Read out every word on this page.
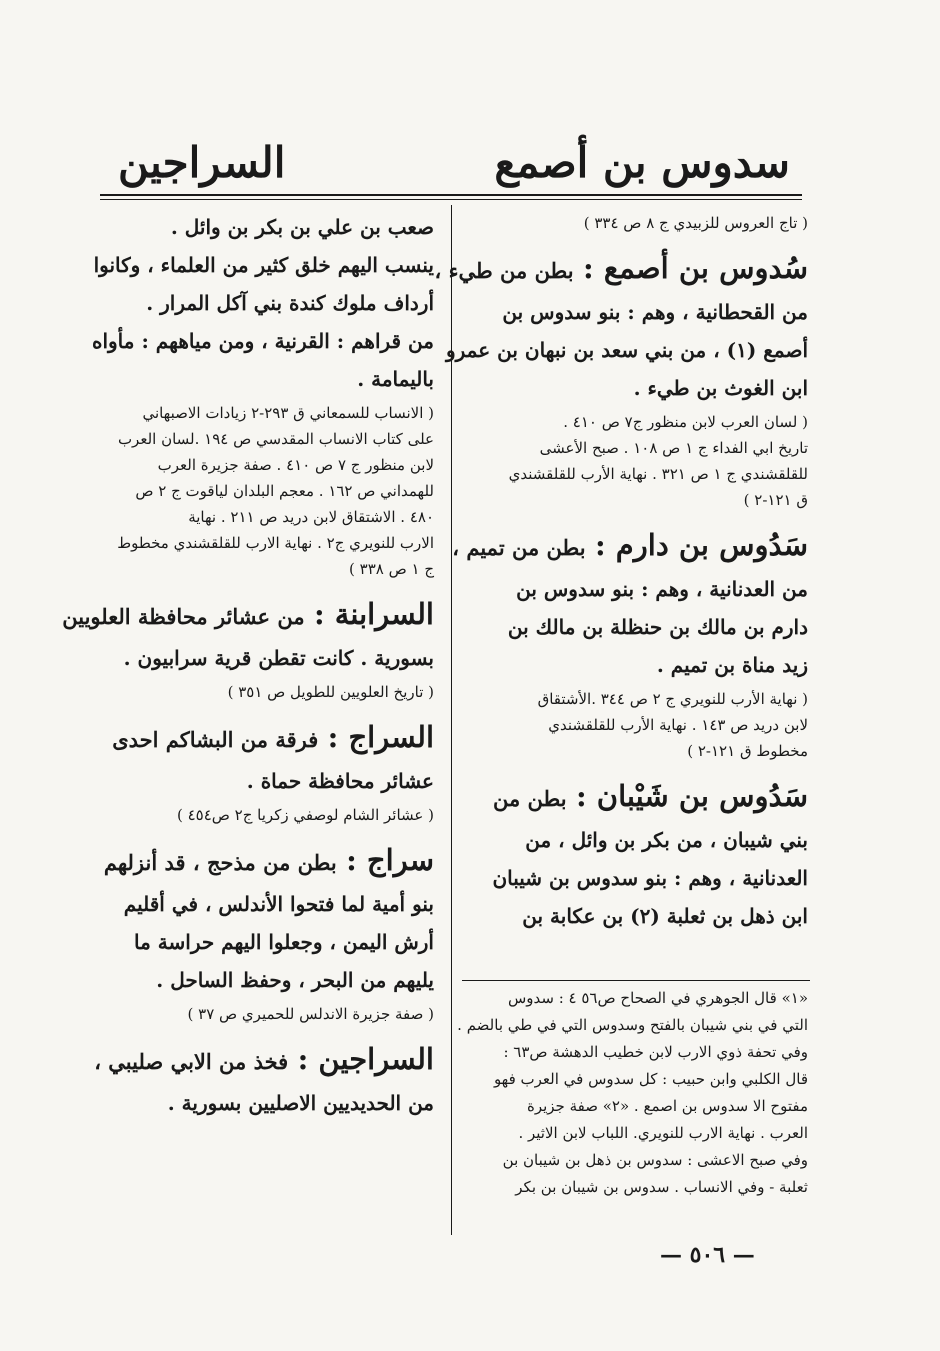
سدوس بن أصمع
السراجين
( تاج العروس للزبيدي ج ٨ ص ٣٣٤ )
سُدوس بن أصمع : بطن من طيء ،
من القحطانية ، وهم : بنو سدوس بن
أصمع (١) ، من بني سعد بن نبهان بن عمرو
ابن الغوث بن طيء .
( لسان العرب لابن منظور ج٧ ص ٤١٠ .
تاريخ ابي الفداء ج ١ ص ١٠٨ . صبح الأعشى
للقلقشندي ج ١ ص ٣٢١ . نهاية الأرب للقلقشندي
ق ١٢١-٢ )
سَدُوس بن دارم : بطن من تميم ،
من العدنانية ، وهم : بنو سدوس بن
دارم بن مالك بن حنظلة بن مالك بن
زيد مناة بن تميم .
( نهاية الأرب للنويري ج ٢ ص ٣٤٤ .الأشتقاق
لابن دريد ص ١٤٣ . نهاية الأرب للقلقشندي
مخطوط ق ١٢١-٢ )
سَدُوس بن شَيْبان : بطن من
بني شيبان ، من بكر بن وائل ، من
العدنانية ، وهم : بنو سدوس بن شيبان
ابن ذهل بن ثعلبة (٢) بن عكابة بن
«١» قال الجوهري في الصحاح ص٥٦ ٤ : سدوس
التي في بني شيبان بالفتح وسدوس التي في طي بالضم .
وفي تحفة ذوي الارب لابن خطيب الدهشة ص٦٣ :
قال الكلبي وابن حبيب : كل سدوس في العرب فهو
مفتوح الا سدوس بن اصمع . «٢» صفة جزيرة
العرب . نهاية الارب للنويري. اللباب لابن الاثير .
وفي صبح الاعشى : سدوس بن ذهل بن شيبان بن
ثعلبة - وفي الانساب . سدوس بن شيبان بن بكر
صعب بن علي بن بكر بن وائل .
ينسب اليهم خلق كثير من العلماء ، وكانوا
أرداف ملوك كندة بني آكل المرار .
من قراهم : القرنية ، ومن مياههم : مأواه
باليمامة .
( الانساب للسمعاني ق ٢٩٣-٢ زيادات الاصبهاني
على كتاب الانساب المقدسي ص ١٩٤ .لسان العرب
لابن منظور ج ٧ ص ٤١٠ . صفة جزيرة العرب
للهمداني ص ١٦٢ . معجم البلدان لياقوت ج ٢ ص
٤٨٠ . الاشتقاق لابن دريد ص ٢١١ . نهاية
الارب للنويري ج٢ . نهاية الارب للقلقشندي مخطوط
ج ١ ص ٣٣٨ )
السرابنة : من عشائر محافظة العلويين
بسورية . كانت تقطن قرية سرابيون .
( تاريخ العلويين للطويل ص ٣٥١ )
السراج : فرقة من البشاكم احدى
عشائر محافظة حماة .
( عشائر الشام لوصفي زكريا ج٢ ص٤٥٤ )
سراج : بطن من مذحج ، قد أنزلهم
بنو أمية لما فتحوا الأندلس ، في أقليم
أرش اليمن ، وجعلوا اليهم حراسة ما
يليهم من البحر ، وحفظ الساحل .
( صفة جزيرة الاندلس للحميري ص ٣٧ )
السراجين : فخذ من الابي صليبي ،
من الحديديين الاصليين بسورية .
— ٥٠٦ —
